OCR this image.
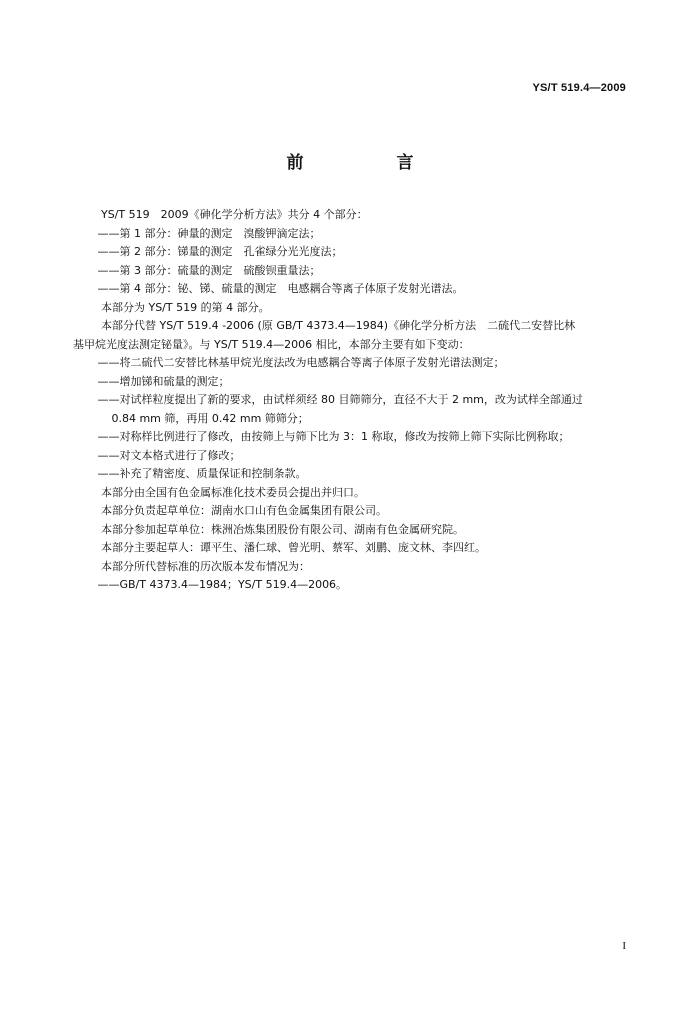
YS/T 519.4—2009
前　言
YS/T 519　2009《砷化学分析方法》共分 4 个部分：
——第 1 部分：砷量的测定　溴酸钾滴定法；
——第 2 部分：锑量的测定　孔雀绿分光光度法；
——第 3 部分：硫量的测定　硫酸钡重量法；
——第 4 部分：铋、锑、硫量的测定　电感耦合等离子体原子发射光谱法。
本部分为 YS/T 519 的第 4 部分。
本部分代替 YS/T 519.4 -2006 (原 GB/T 4373.4—1984)《砷化学分析方法　二硫代二安替比林
基甲烷光度法测定铋量》。与 YS/T 519.4—2006 相比，本部分主要有如下变动：
——将二硫代二安替比林基甲烷光度法改为电感耦合等离子体原子发射光谱法测定；
——增加锑和硫量的测定；
——对试样粒度提出了新的要求，由试样须经 80 目筛筛分，直径不大于 2 mm，改为试样全部通过
0.84 mm 筛，再用 0.42 mm 筛筛分；
——对称样比例进行了修改，由按筛上与筛下比为 3：1 称取，修改为按筛上筛下实际比例称取；
——对文本格式进行了修改；
——补充了精密度、质量保证和控制条款。
本部分由全国有色金属标准化技术委员会提出并归口。
本部分负责起草单位：湖南水口山有色金属集团有限公司。
本部分参加起草单位：株洲冶炼集团股份有限公司、湖南有色金属研究院。
本部分主要起草人：谭平生、潘仁球、曾光明、蔡军、刘鹏、庞文林、李四红。
本部分所代替标准的历次版本发布情况为：
——GB/T 4373.4—1984；YS/T 519.4—2006。
I
